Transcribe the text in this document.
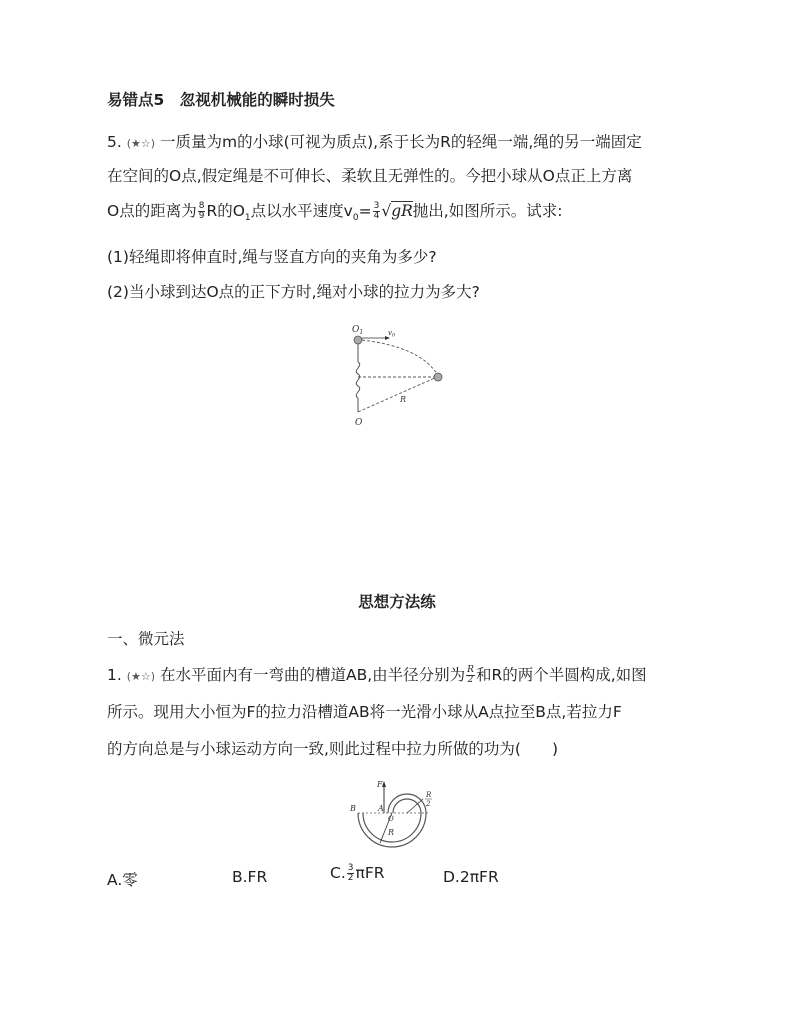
易错点5　忽视机械能的瞬时损失
5. (★☆) 一质量为m的小球(可视为质点),系于长为R的轻绳一端,绳的另一端固定
在空间的O点,假定绳是不可伸长、柔软且无弹性的。今把小球从O点正上方离
O点的距离为 $\frac{8}{9}$ R的$O_1$点以水平速度$v_0= \frac{3}{4} √gR$抛出,如图所示。试求:
(1)轻绳即将伸直时,绳与竖直方向的夹角为多少?
(2)当小球到达O点的正下方时,绳对小球的拉力为多大?
$O_1$	$v_0$
R
O
思想方法练
一、微元法
1. (★☆) 在水平面内有一弯曲的槽道AB,由半径分别为 $\frac{R}{2}$ 和R的两个半圆构成,如图
所示。现用大小恒为F的拉力沿槽道AB将一光滑小球从A点拉至B点,若拉力F
的方向总是与小球运动方向一致,则此过程中拉力所做的功为(　　)
F
B	A
O
R
R
2
A.零	B.FR	C. $\frac{3}{2}$ πFR	D.2πFR
